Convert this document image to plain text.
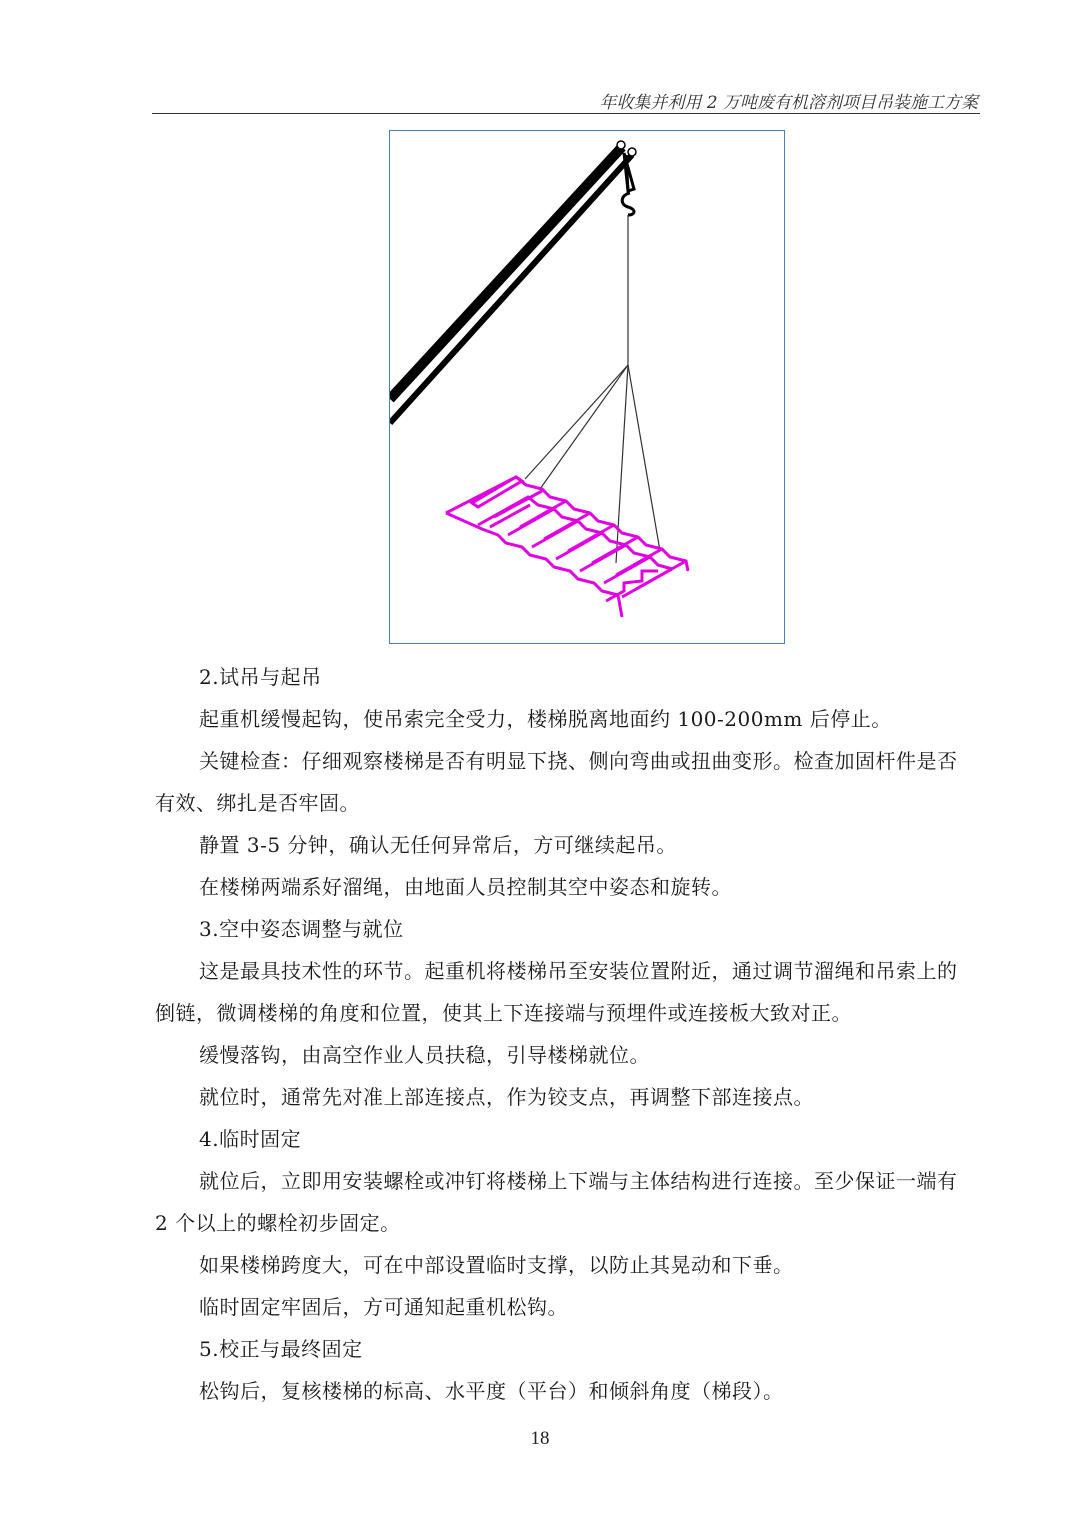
年收集并利用 2 万吨废有机溶剂项目吊装施工方案

2.试吊与起吊

起重机缓慢起钩，使吊索完全受力，楼梯脱离地面约 100-200mm 后停止。

关键检查：仔细观察楼梯是否有明显下挠、侧向弯曲或扭曲变形。检查加固杆件是否有效、绑扎是否牢固。

静置 3-5 分钟，确认无任何异常后，方可继续起吊。

在楼梯两端系好溜绳，由地面人员控制其空中姿态和旋转。

3.空中姿态调整与就位

这是最具技术性的环节。起重机将楼梯吊至安装位置附近，通过调节溜绳和吊索上的倒链，微调楼梯的角度和位置，使其上下连接端与预埋件或连接板大致对正。

缓慢落钩，由高空作业人员扶稳，引导楼梯就位。

就位时，通常先对准上部连接点，作为铰支点，再调整下部连接点。

4.临时固定

就位后，立即用安装螺栓或冲钉将楼梯上下端与主体结构进行连接。至少保证一端有 2 个以上的螺栓初步固定。

如果楼梯跨度大，可在中部设置临时支撑，以防止其晃动和下垂。

临时固定牢固后，方可通知起重机松钩。

5.校正与最终固定

松钩后，复核楼梯的标高、水平度（平台）和倾斜角度（梯段）。

18
